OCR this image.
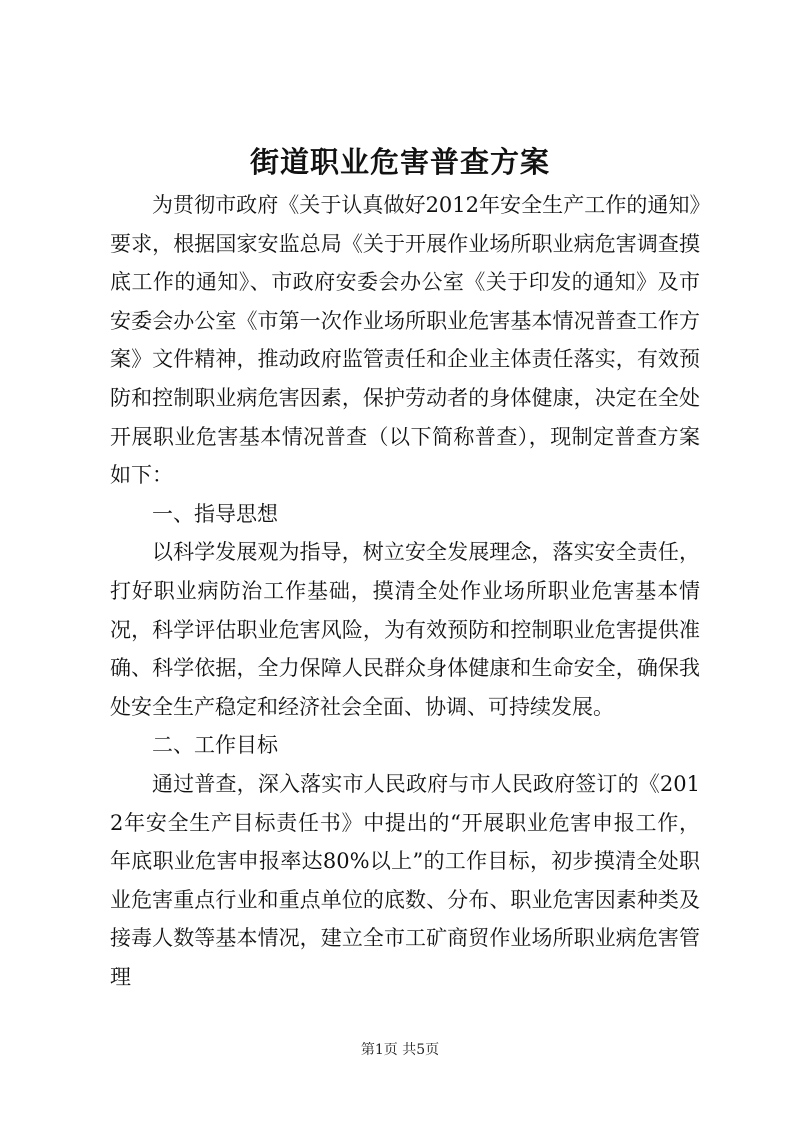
街道职业危害普查方案

为贯彻市政府《关于认真做好2012年安全生产工作的通知》要求，根据国家安监总局《关于开展作业场所职业病危害调查摸底工作的通知》、市政府安委会办公室《关于印发的通知》及市安委会办公室《市第一次作业场所职业危害基本情况普查工作方案》文件精神，推动政府监管责任和企业主体责任落实，有效预防和控制职业病危害因素，保护劳动者的身体健康，决定在全处开展职业危害基本情况普查（以下简称普查），现制定普查方案如下：

一、指导思想

以科学发展观为指导，树立安全发展理念，落实安全责任，打好职业病防治工作基础，摸清全处作业场所职业危害基本情况，科学评估职业危害风险，为有效预防和控制职业危害提供准确、科学依据，全力保障人民群众身体健康和生命安全，确保我处安全生产稳定和经济社会全面、协调、可持续发展。

二、工作目标

通过普查，深入落实市人民政府与市人民政府签订的《2012年安全生产目标责任书》中提出的“开展职业危害申报工作，年底职业危害申报率达80%以上”的工作目标，初步摸清全处职业危害重点行业和重点单位的底数、分布、职业危害因素种类及接毒人数等基本情况，建立全市工矿商贸作业场所职业病危害管理

第1页 共5页
